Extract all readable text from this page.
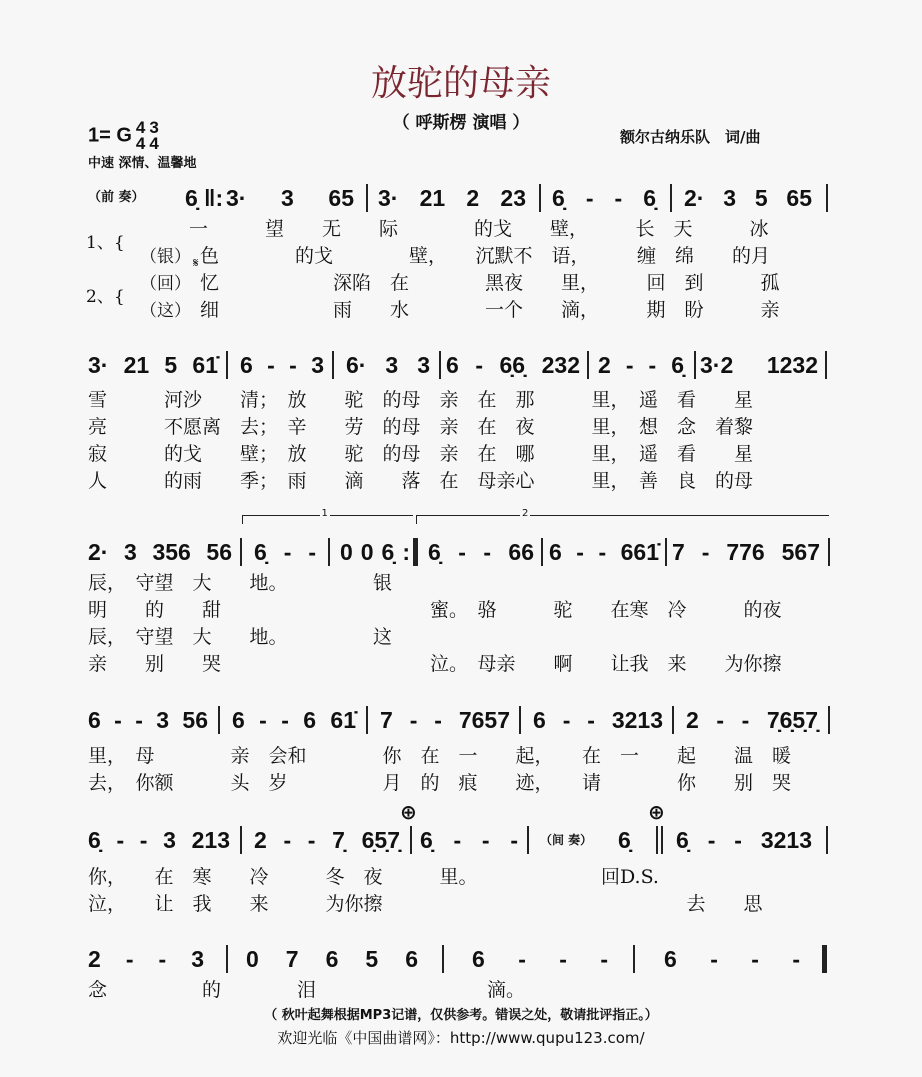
放驼的母亲
（ 呼斯楞 演唱 ）
1= G 4
43
4
中速 深情、温馨地
额尔古纳乐队　词/曲
（前 奏） 6̣ ‖: 3· 3 65 3· 21 2 23 6̣ - - 6̣ 2· 3 5 65
1、{
2、{
（银）
（回）
𝄋
（这）
一　　　望　　无　　际　　　　的戈　　壁，　　　长　天　　　冰
色　　　　的戈　　　　壁，　　沉默不　语，　　　缠　绵　　的月
忆　　　　　　深陷　在　　　　黑夜　　里，　　　回　到　　　孤
细　　　　　　雨　　水　　　　一个　　滴，　　　期　盼　　　亲
3· 21 5 61̇ 6 - - 3 6· 3 3 6 - 6̣6̣ 232 2 - - 6̣ 3·2 1232
雪　　　河沙　　清；　放　　驼　的母　亲　在　那　　　里，　遥　看　　星
亮　　　不愿离　去；　辛　　劳　的母　亲　在　夜　　　里，　想　念　着黎
寂　　　的戈　　壁；　放　　驼　的母　亲　在　哪　　　里，　遥　看　　星
人　　　的雨　　季；　雨　　滴　　落　在　母亲心　　　里，　善　良　的母
1	2
2· 3 356 56 6̣ - - 0 0 6̣ : 6̣ - - 66 6 - - 661̇ 7 - 776 567
辰，　守望　大　　地。　　　　　银
明　　的　　甜　　　　　　　　　　　蜜。　骆　　　驼　　在寒　冷　　　的夜
辰，　守望　大　　地。　　　　　这
亲　　别　　哭　　　　　　　　　　　泣。　母亲　　啊　　让我　来　　为你擦
6 - - 3 56 6 - - 6 61̇ 7 - - 7657 6 - - 3213 2 - - 7̣6̣5̣7̣
里，　母　　　　亲　会和　　　　你　在　一　　起，　　在　一　　起　　温　暖
去，　你额　　　头　岁　　　　　月　的　痕　　迹，　　请　　　　你　　别　哭
⊕	⊕
6̣ - - 3 213 2 - - 7̣ 6̣5̣7̣ 6̣ - - - （间 奏） 6̣ 6̣ - - 3213
你，　　在　寒　　冷　　　冬　夜　　　里。　　　　　　　回D.S.
泣，　　让　我　　来　　　为你擦　　　　　　　　　　　　　　　　去　　思
2 - - 3 0 7 6 5 6 6 - - - 6 - - -
念　　　　　的　　　　泪　　　　　　　　　滴。
（ 秋叶起舞根据MP3记谱，仅供参考。错误之处，敬请批评指正。）
欢迎光临《中国曲谱网》：http://www.qupu123.com/
